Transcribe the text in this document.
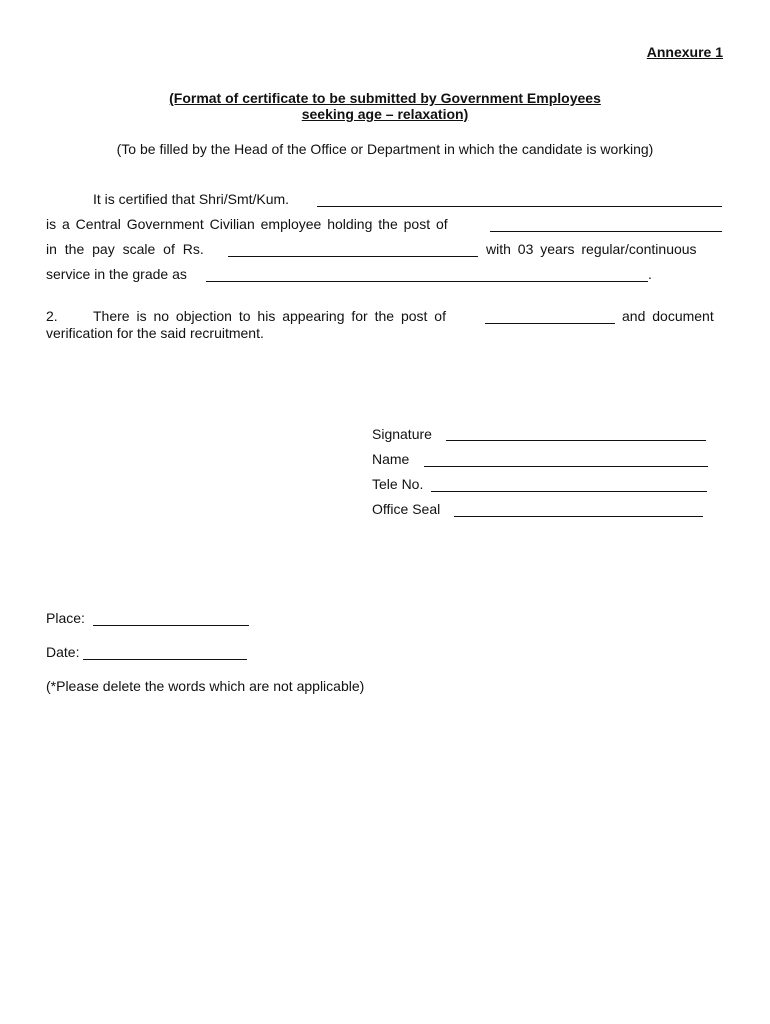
Annexure 1
(Format of certificate to be submitted by Government Employees
seeking age – relaxation)
(To be filled by the Head of the Office or Department in which the candidate is working)
It is certified that Shri/Smt/Kum.
is a Central Government Civilian employee holding the post of
in the pay scale of Rs.	with 03 years regular/continuous
service in the grade as	.
2.	There is no objection to his appearing for the post of	and document
verification for the said recruitment.
Signature
Name
Tele No.
Office Seal
Place:
Date:
(*Please delete the words which are not applicable)
